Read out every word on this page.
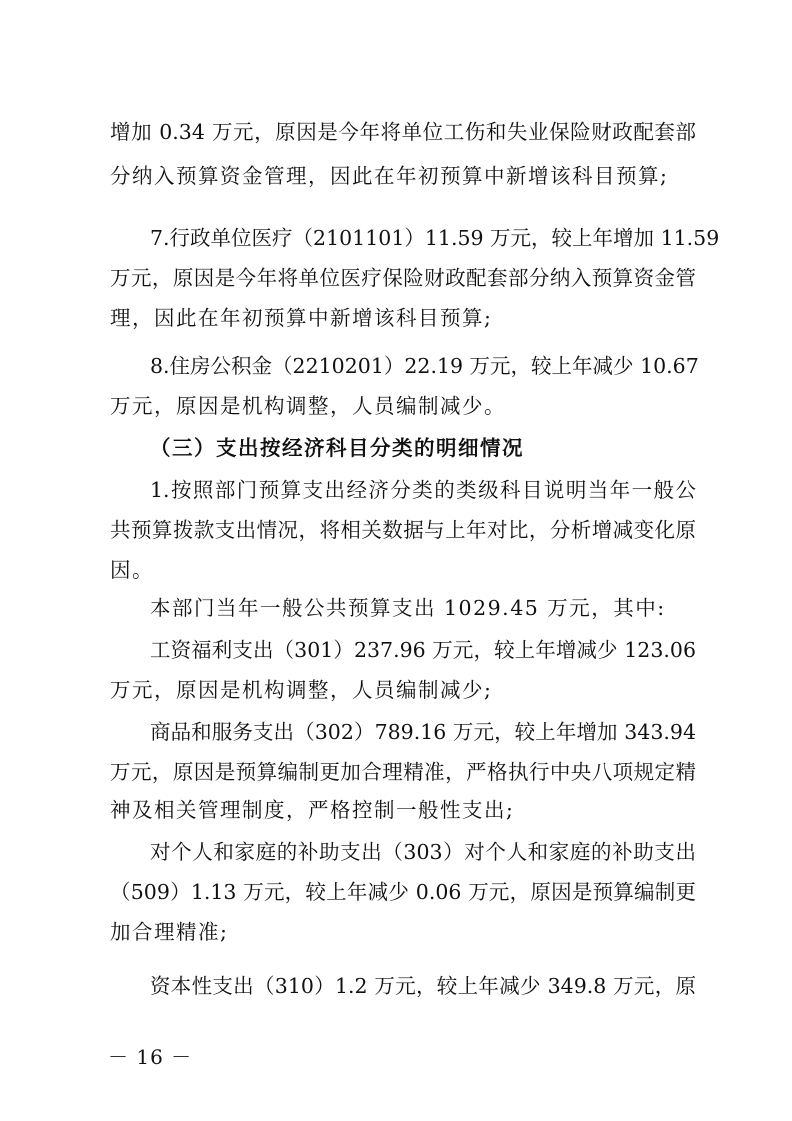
增加 0.34 万元，原因是今年将单位工伤和失业保险财政配套部
分纳入预算资金管理，因此在年初预算中新增该科目预算;
7.行政单位医疗（2101101）11.59 万元，较上年增加 11.59
万元，原因是今年将单位医疗保险财政配套部分纳入预算资金管
理，因此在年初预算中新增该科目预算;
8.住房公积金（2210201）22.19 万元，较上年减少 10.67
万元，原因是机构调整，人员编制减少。
（三）支出按经济科目分类的明细情况
1.按照部门预算支出经济分类的类级科目说明当年一般公
共预算拨款支出情况，将相关数据与上年对比，分析增减变化原
因。
本部门当年一般公共预算支出 1029.45 万元，其中:
工资福利支出（301）237.96 万元，较上年增减少 123.06
万元，原因是机构调整，人员编制减少;
商品和服务支出（302）789.16 万元，较上年增加 343.94
万元，原因是预算编制更加合理精准，严格执行中央八项规定精
神及相关管理制度，严格控制一般性支出;
对个人和家庭的补助支出（303）对个人和家庭的补助支出
（509）1.13 万元，较上年减少 0.06 万元，原因是预算编制更
加合理精准;
资本性支出（310）1.2 万元，较上年减少 349.8 万元，原
－ 16 －
